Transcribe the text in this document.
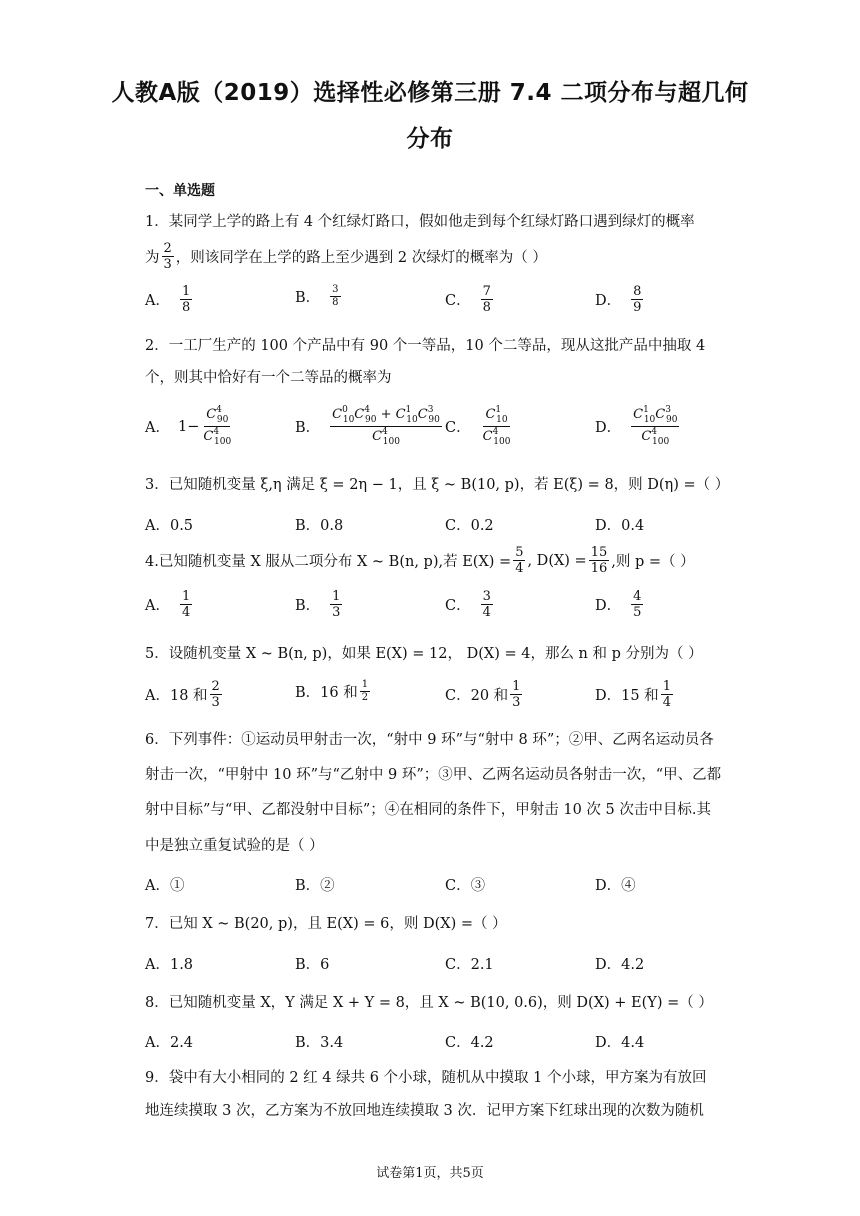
人教A版（2019）选择性必修第三册 7.4 二项分布与超几何
分布
一、单选题
1．某同学上学的路上有 4 个红绿灯路口，假如他走到每个红绿灯路口遇到绿灯的概率
为 $\frac{2}{3}$ ，则该同学在上学的路上至少遇到 2 次绿灯的概率为（ ）
A． $\frac{1}{8}$	B． $\frac{3}{8}$	C． $\frac{7}{8}$	D． $\frac{8}{9}$
2．一工厂生产的 100 个产品中有 90 个一等品，10 个二等品，现从这批产品中抽取 4
个，则其中恰好有一个二等品的概率为
A． $1- \frac{C^4_{90}}{C^4_{100}}$	B． $\frac{C^0_{10}C^4_{90} + C^1_{10}C^3_{90}}{C^4_{100}}$ C． $\frac{C^1_{10}}{C^4_{100}}$	D． $\frac{C^1_{10}C^3_{90}}{C^4_{100}}$
3．已知随机变量 ξ,η 满足 ξ = 2η − 1，且 ξ ~ B(10, p)，若 E(ξ) = 8，则 D(η) =（ ）
A．0.5	B．0.8	C．0.2	D．0.4
4.已知随机变量 X 服从二项分布 X ~ B(n, p),若 $E(X) = \frac{5}{4}$ , $D(X) = \frac{15}{16}$ ,则 p =（ ）
A． $\frac{1}{4}$	B． $\frac{1}{3}$	C． $\frac{3}{4}$	D． $\frac{4}{5}$
5．设随机变量 X ~ B(n, p)，如果 E(X) = 12， D(X) = 4，那么 n 和 p 分别为（ ）
A．18 和 $\frac{2}{3}$	B．16 和 $\frac{1}{2}$	C．20 和 $\frac{1}{3}$	D．15 和 $\frac{1}{4}$
6．下列事件：①运动员甲射击一次，“射中 9 环”与“射中 8 环”；②甲、乙两名运动员各
射击一次，“甲射中 10 环”与“乙射中 9 环”；③甲、乙两名运动员各射击一次，“甲、乙都
射中目标”与“甲、乙都没射中目标”；④在相同的条件下，甲射击 10 次 5 次击中目标.其
中是独立重复试验的是（ ）
A．①	B．②	C．③	D．④
7．已知 X ~ B(20, p)，且 E(X) = 6，则 D(X) =（ ）
A．1.8	B．6	C．2.1	D．4.2
8．已知随机变量 X，Y 满足 X + Y = 8，且 X ~ B(10, 0.6)，则 D(X) + E(Y) =（ ）
A．2.4	B．3.4	C．4.2	D．4.4
9．袋中有大小相同的 2 红 4 绿共 6 个小球，随机从中摸取 1 个小球，甲方案为有放回
地连续摸取 3 次，乙方案为不放回地连续摸取 3 次．记甲方案下红球出现的次数为随机
试卷第1页，共5页
